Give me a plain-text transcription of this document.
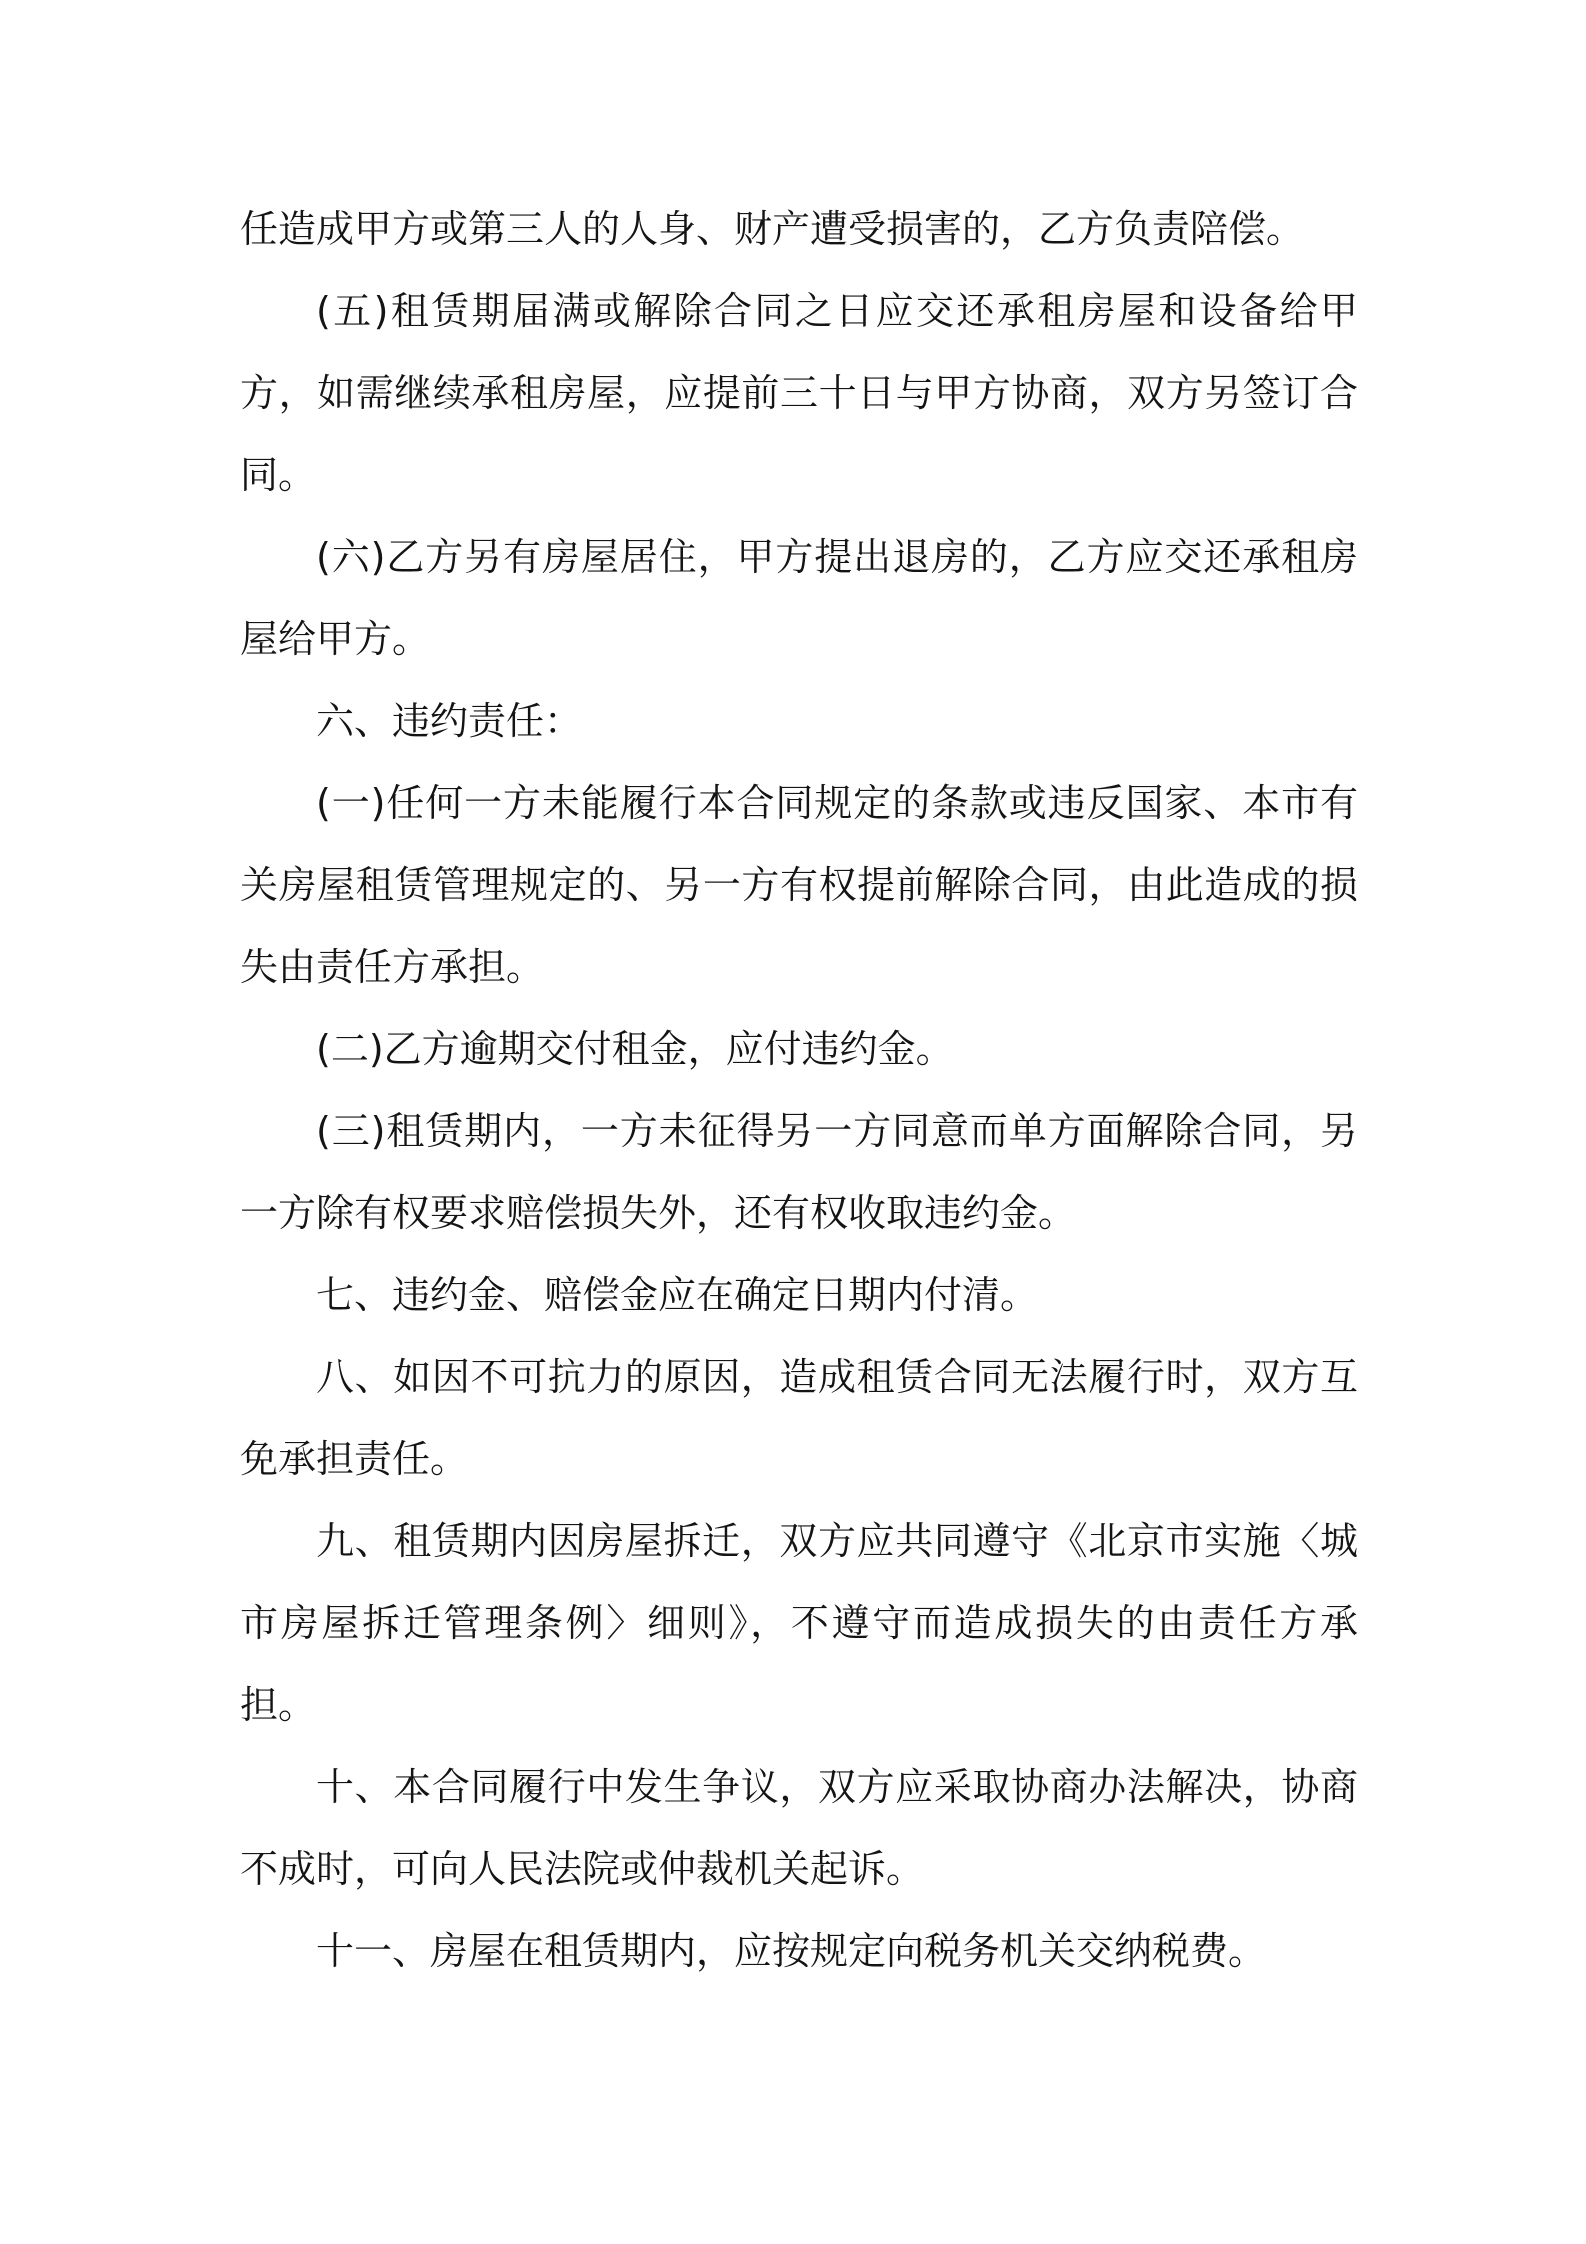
任造成甲方或第三人的人身、财产遭受损害的，乙方负责陪偿。

(五)租赁期届满或解除合同之日应交还承租房屋和设备给甲方，如需继续承租房屋，应提前三十日与甲方协商，双方另签订合同。

(六)乙方另有房屋居住，甲方提出退房的，乙方应交还承租房屋给甲方。

六、违约责任：

(一)任何一方未能履行本合同规定的条款或违反国家、本市有关房屋租赁管理规定的、另一方有权提前解除合同，由此造成的损失由责任方承担。

(二)乙方逾期交付租金，应付违约金。

(三)租赁期内，一方未征得另一方同意而单方面解除合同，另一方除有权要求赔偿损失外，还有权收取违约金。

七、违约金、赔偿金应在确定日期内付清。

八、如因不可抗力的原因，造成租赁合同无法履行时，双方互免承担责任。

九、租赁期内因房屋拆迁，双方应共同遵守《北京市实施〈城市房屋拆迁管理条例〉细则》，不遵守而造成损失的由责任方承担。

十、本合同履行中发生争议，双方应采取协商办法解决，协商不成时，可向人民法院或仲裁机关起诉。

十一、房屋在租赁期内，应按规定向税务机关交纳税费。
